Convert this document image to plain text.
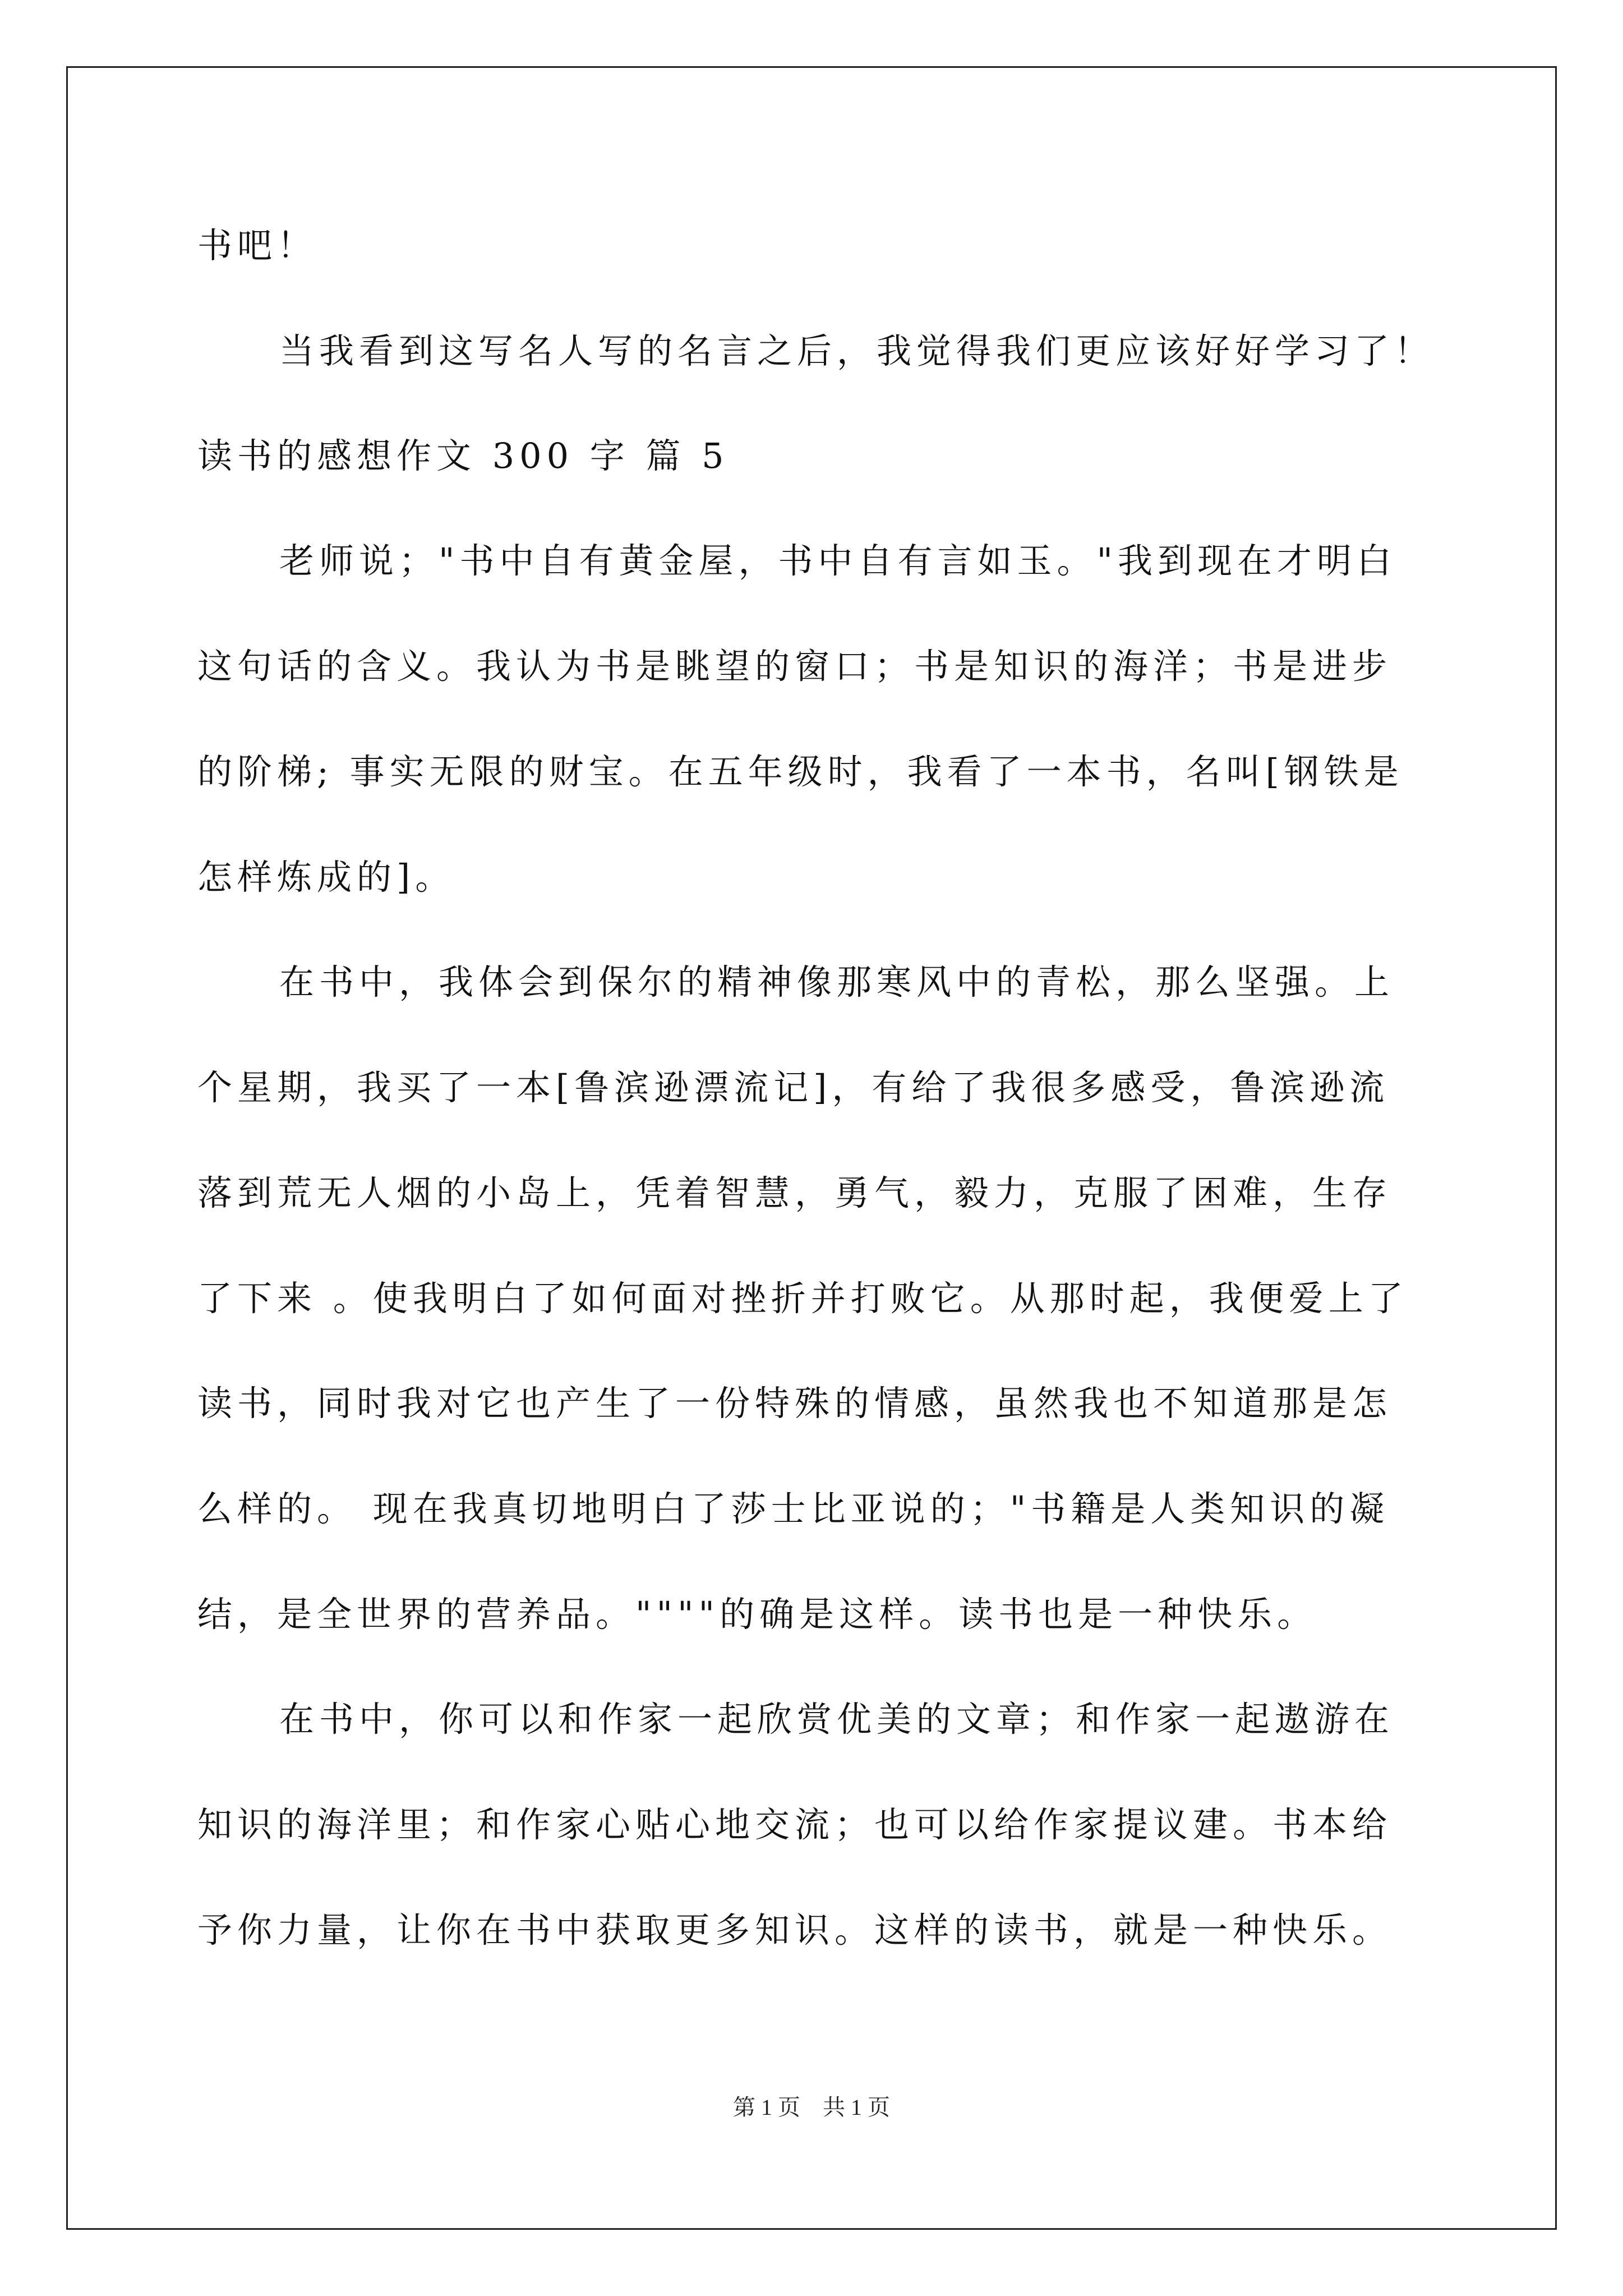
书吧！
当我看到这写名人写的名言之后，我觉得我们更应该好好学习了！
读书的感想作文 300 字 篇 5
老师说；"书中自有黄金屋，书中自有言如玉。"我到现在才明白
这句话的含义。我认为书是眺望的窗口；书是知识的海洋；书是进步
的阶梯; 事实无限的财宝。在五年级时，我看了一本书，名叫[钢铁是
怎样炼成的]。
在书中，我体会到保尔的精神像那寒风中的青松，那么坚强。上
个星期，我买了一本[鲁滨逊漂流记]，有给了我很多感受，鲁滨逊流
落到荒无人烟的小岛上，凭着智慧，勇气，毅力，克服了困难，生存
了下来 。使我明白了如何面对挫折并打败它。从那时起，我便爱上了
读书，同时我对它也产生了一份特殊的情感，虽然我也不知道那是怎
么样的。 现在我真切地明白了莎士比亚说的；"书籍是人类知识的凝
结，是全世界的营养品。""""的确是这样。读书也是一种快乐。
在书中，你可以和作家一起欣赏优美的文章；和作家一起遨游在
知识的海洋里；和作家心贴心地交流；也可以给作家提议建。书本给
予你力量，让你在书中获取更多知识。这样的读书，就是一种快乐。
第 1 页 共 1 页
